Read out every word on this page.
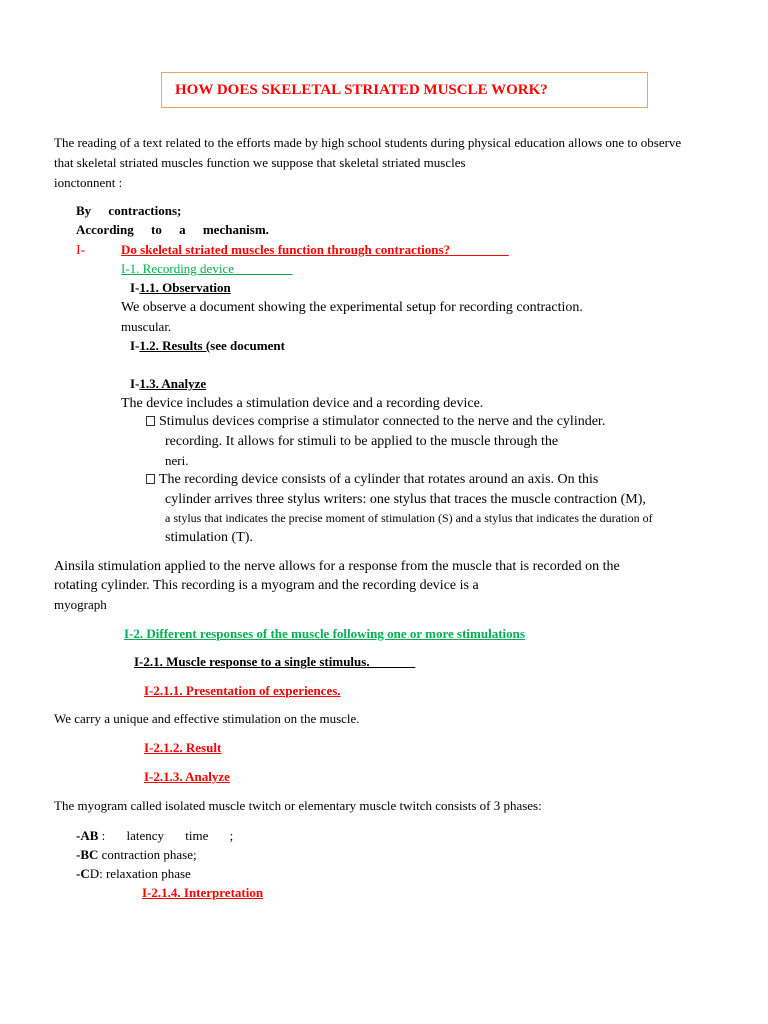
HOW DOES SKELETAL STRIATED MUSCLE WORK?
The reading of a text related to the efforts made by high school students during physical education allows one to observe
that skeletal striated muscles function we suppose that skeletal striated muscles
ionctonnent :
By contractions;
According to a mechanism.
I-	Do skeletal striated muscles function through contractions?_________
I-1. Recording device_________
I-1.1. Observation
We observe a document showing the experimental setup for recording contraction.
muscular.
I-1.2. Results (see document
I-1.3. Analyze
The device includes a stimulation device and a recording device.
Stimulus devices comprise a stimulator connected to the nerve and the cylinder.
recording. It allows for stimuli to be applied to the muscle through the
neri.
The recording device consists of a cylinder that rotates around an axis. On this
cylinder arrives three stylus writers: one stylus that traces the muscle contraction (M),
a stylus that indicates the precise moment of stimulation (S) and a stylus that indicates the duration of
stimulation (T).
Ainsila stimulation applied to the nerve allows for a response from the muscle that is recorded on the
rotating cylinder. This recording is a myogram and the recording device is a
myograph
I-2. Different responses of the muscle following one or more stimulations
I-2.1. Muscle response to a single stimulus._______
I-2.1.1. Presentation of experiences.
We carry a unique and effective stimulation on the muscle.
I-2.1.2. Result
I-2.1.3. Analyze
The myogram called isolated muscle twitch or elementary muscle twitch consists of 3 phases:
-AB : latency time ;
-BC contraction phase;
-CD: relaxation phase
I-2.1.4. Interpretation
